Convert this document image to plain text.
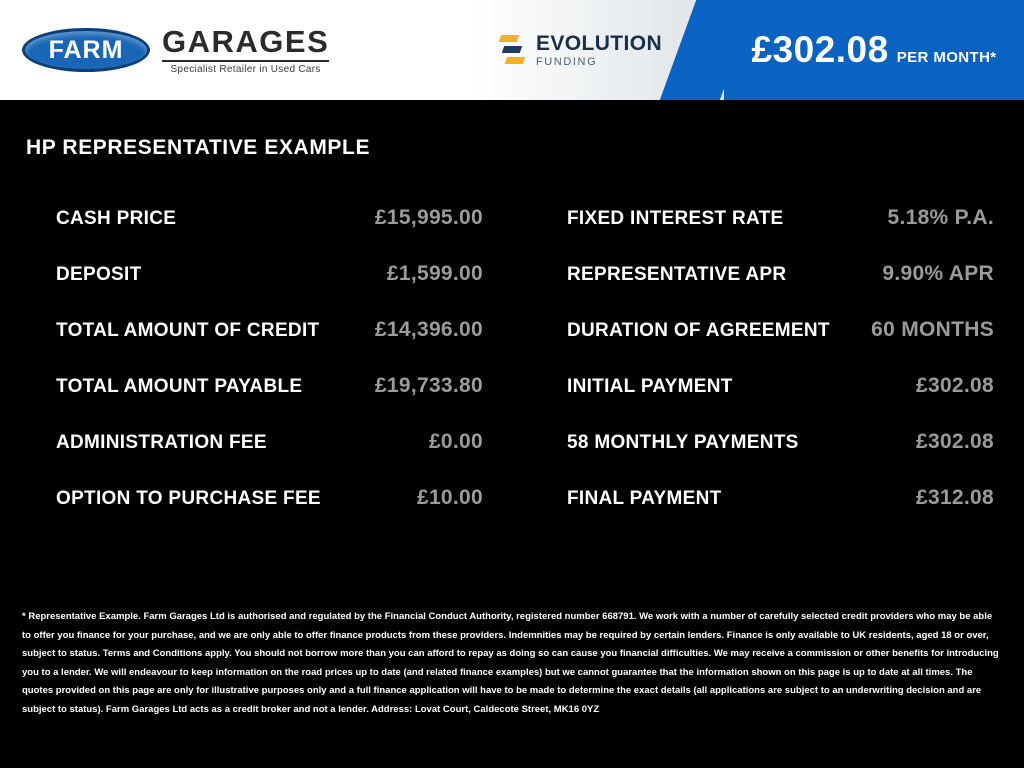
FARM GARAGES
Specialist Retailer in Used Cars
EVOLUTION
FUNDING	£302.08 PER MONTH*
HP REPRESENTATIVE EXAMPLE
CASH PRICE	£15,995.00	FIXED INTEREST RATE	5.18% P.A.
DEPOSIT	£1,599.00	REPRESENTATIVE APR	9.90% APR
TOTAL AMOUNT OF CREDIT	£14,396.00	DURATION OF AGREEMENT 60 MONTHS
TOTAL AMOUNT PAYABLE	£19,733.80	INITIAL PAYMENT	£302.08
ADMINISTRATION FEE	£0.00	58 MONTHLY PAYMENTS	£302.08
OPTION TO PURCHASE FEE	£10.00	FINAL PAYMENT	£312.08
* Representative Example. Farm Garages Ltd is authorised and regulated by the Financial Conduct Authority, registered number 668791. We work with a number of carefully selected credit providers who may be able to offer you finance for your purchase, and we are only able to offer finance products from these providers. Indemnities may be required by certain lenders. Finance is only available to UK residents, aged 18 or over, subject to status. Terms and Conditions apply. You should not borrow more than you can afford to repay as doing so can cause you financial difficulties. We may receive a commission or other benefits for introducing you to a lender. We will endeavour to keep information on the road prices up to date (and related finance examples) but we cannot guarantee that the information shown on this page is up to date at all times. The quotes provided on this page are only for illustrative purposes only and a full finance application will have to be made to determine the exact details (all applications are subject to an underwriting decision and are subject to status). Farm Garages Ltd acts as a credit broker and not a lender. Address: Lovat Court, Caldecote Street, MK16 0YZ
